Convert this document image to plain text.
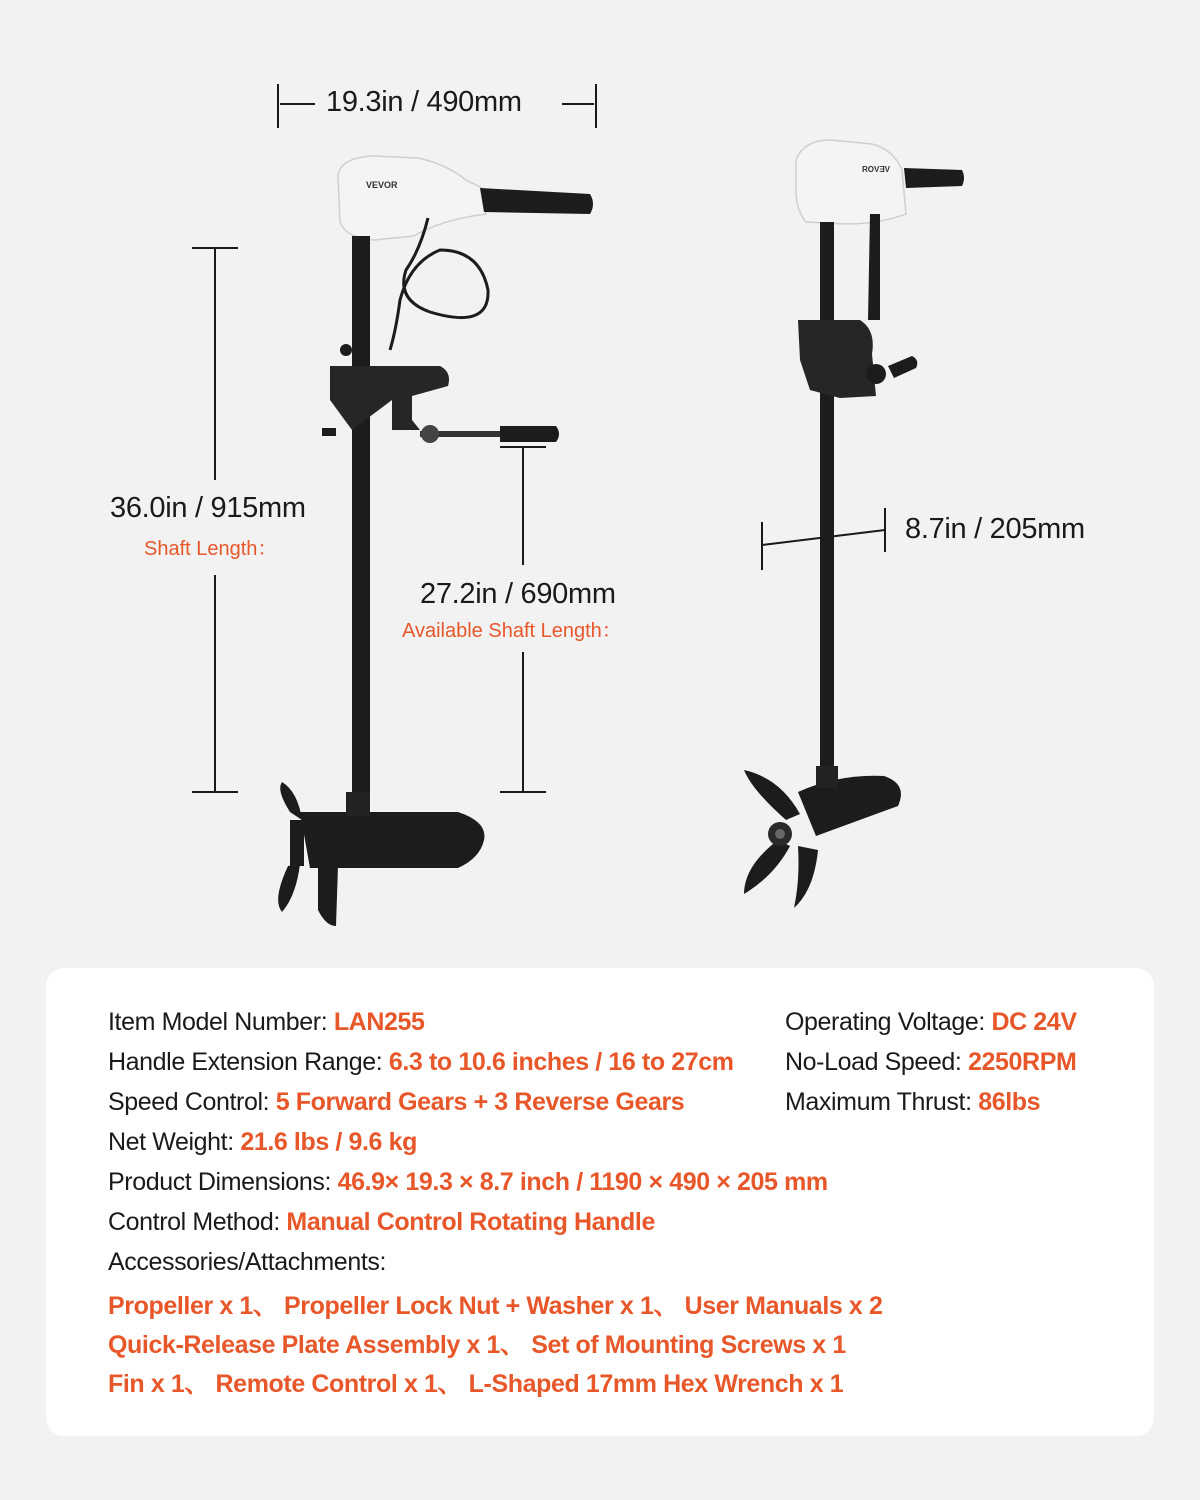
VEVOR
ROVƎV
19.3in / 490mm
36.0in / 915mm
Shaft Length：
27.2in / 690mm
Available Shaft Length：
8.7in / 205mm
Item Model Number: LAN255
Handle Extension Range: 6.3 to 10.6 inches / 16 to 27cm
Speed Control: 5 Forward Gears + 3 Reverse Gears
Net Weight: 21.6 lbs / 9.6 kg
Product Dimensions: 46.9× 19.3 × 8.7 inch / 1190 × 490 × 205 mm
Control Method: Manual Control Rotating Handle
Accessories/Attachments:
Propeller x 1、 Propeller Lock Nut + Washer x 1、 User Manuals x 2
Quick-Release Plate Assembly x 1、 Set of Mounting Screws x 1
Fin x 1、 Remote Control x 1、 L-Shaped 17mm Hex Wrench x 1
Operating Voltage: DC 24V
No-Load Speed: 2250RPM
Maximum Thrust: 86lbs
